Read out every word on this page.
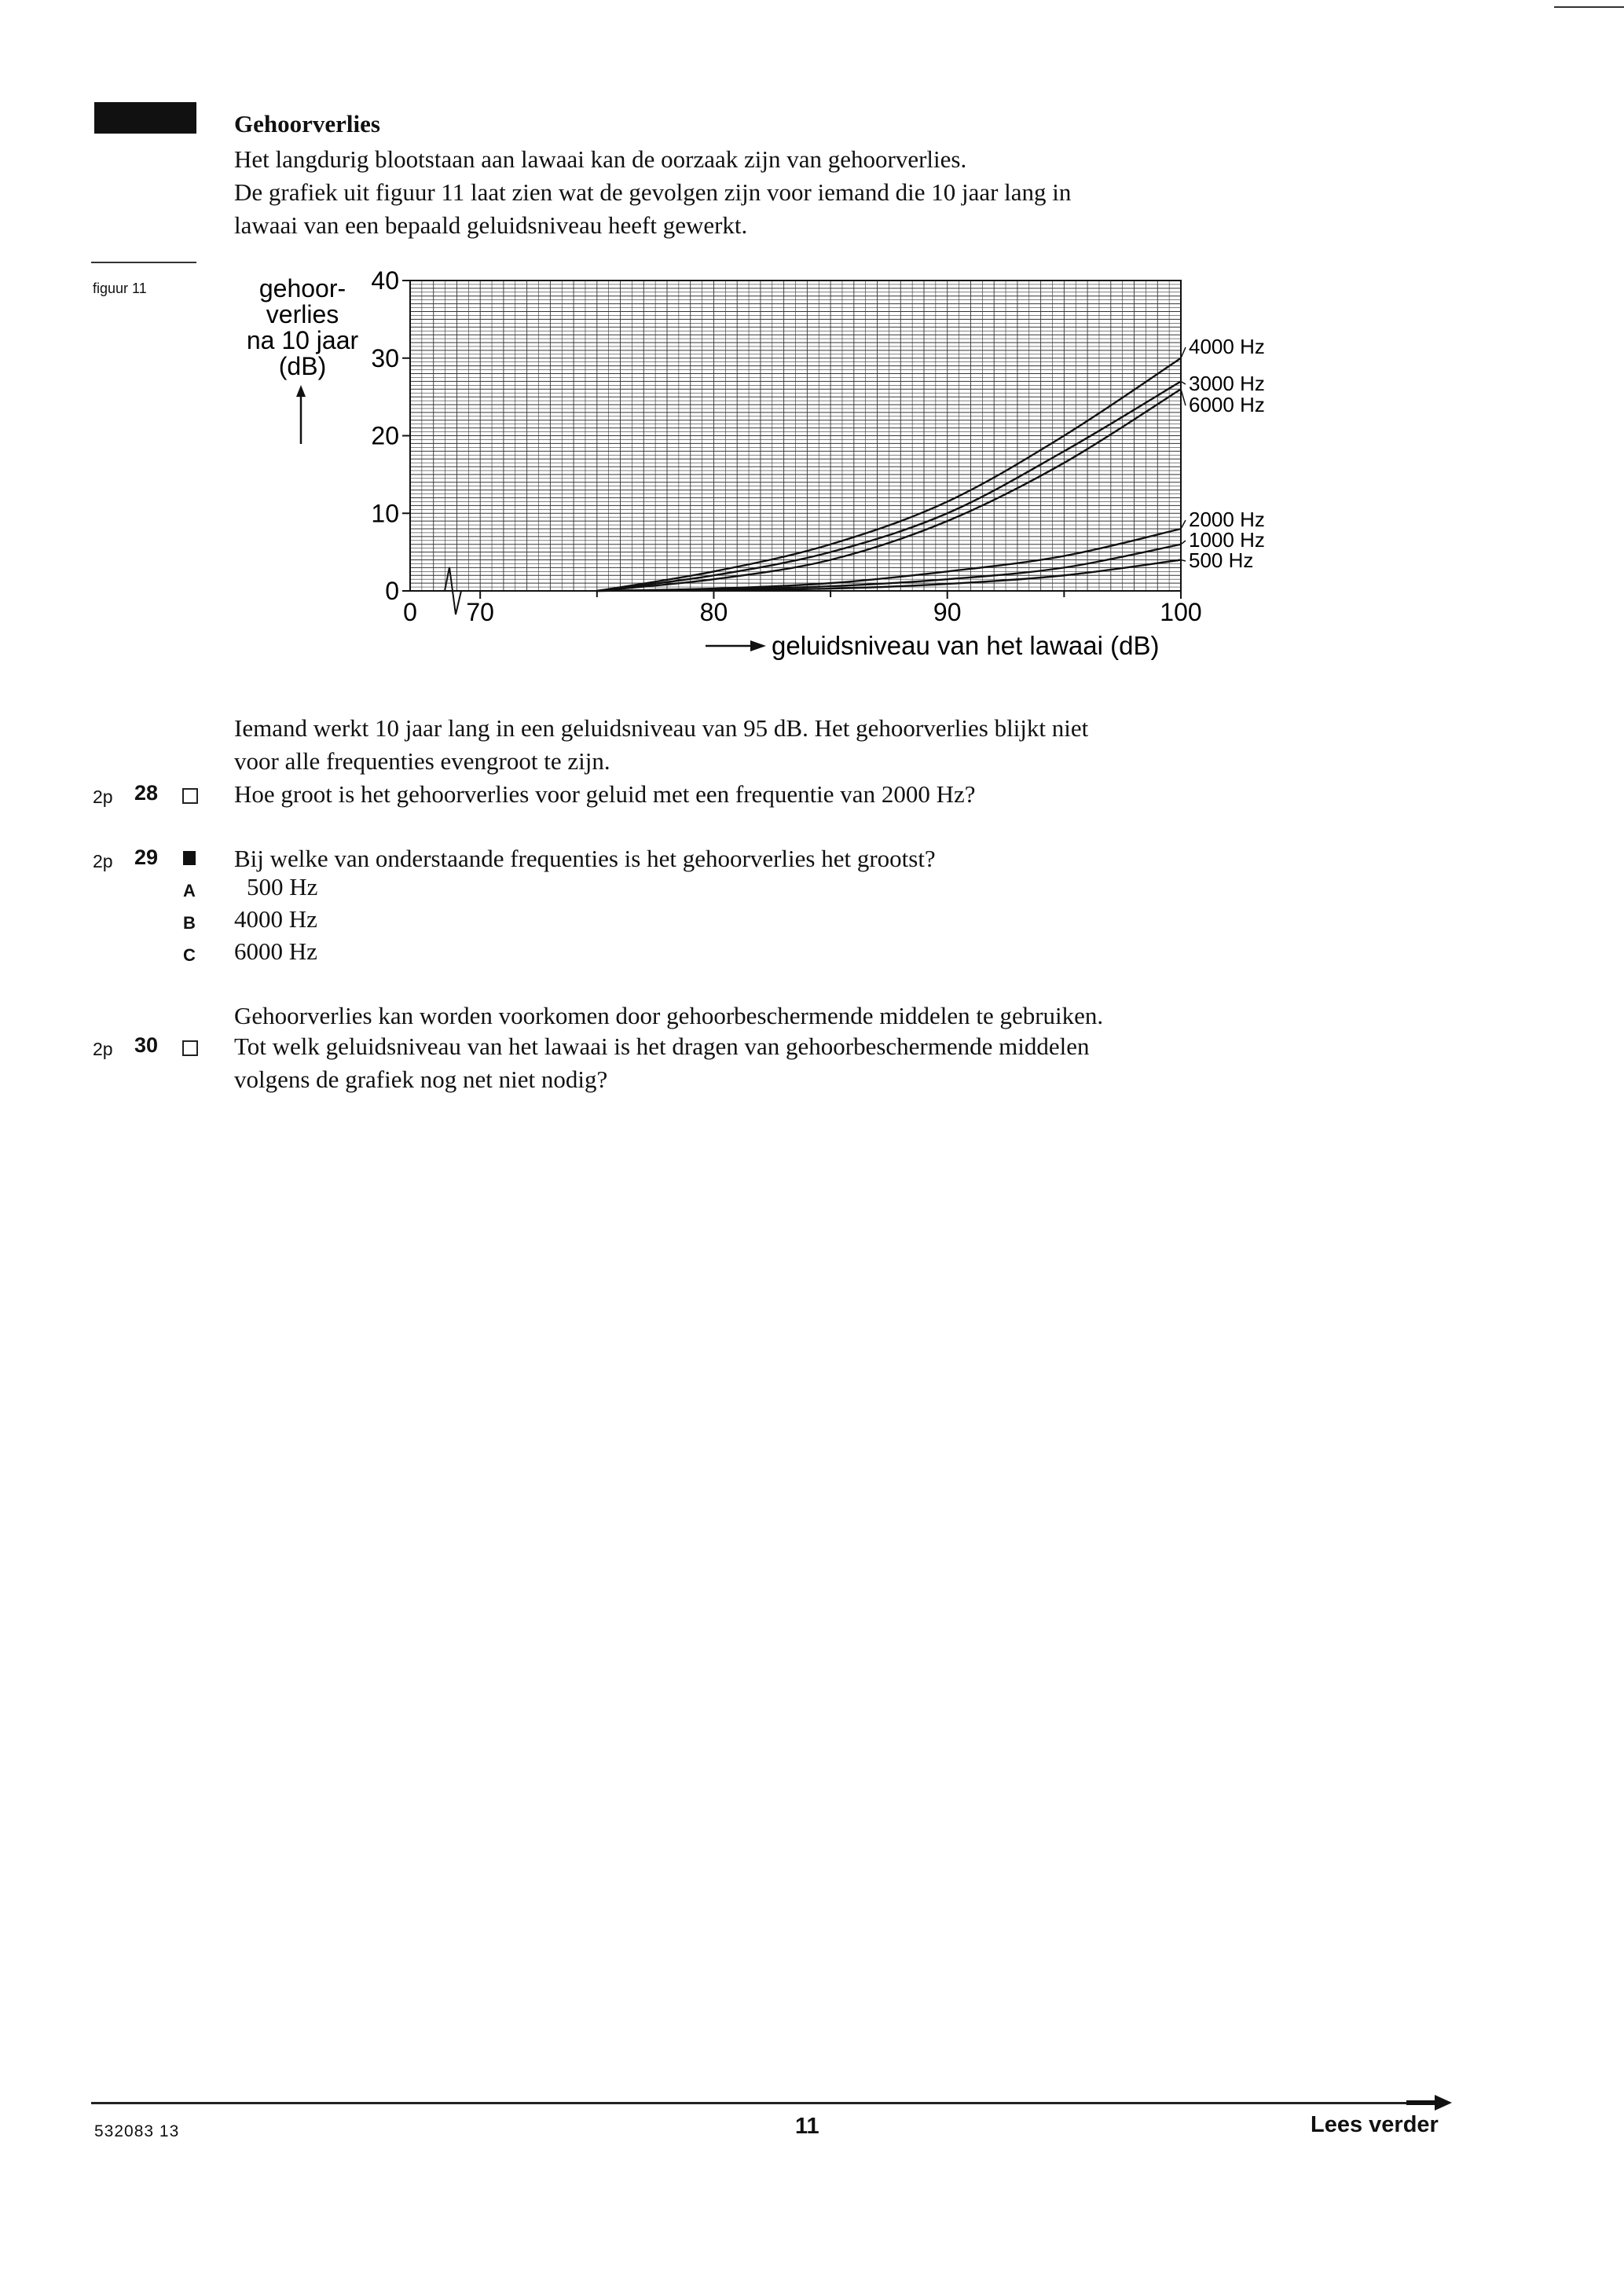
Gehoorverlies
Het langdurig blootstaan aan lawaai kan de oorzaak zijn van gehoorverlies.
De grafiek uit figuur 11 laat zien wat de gevolgen zijn voor iemand die 10 jaar lang in
lawaai van een bepaald geluidsniveau heeft gewerkt.
figuur 11
0
10
20
30
40
0 70	80	90	100
gehoor-
verlies
na 10 jaar
(dB)
geluidsniveau van het lawaai (dB)
4000 Hz
3000 Hz
6000 Hz
2000 Hz
1000 Hz
500 Hz
Iemand werkt 10 jaar lang in een geluidsniveau van 95 dB. Het gehoorverlies blijkt niet
voor alle frequenties evengroot te zijn.
2p 28	Hoe groot is het gehoorverlies voor geluid met een frequentie van 2000 Hz?
2p 29	Bij welke van onderstaande frequenties is het gehoorverlies het grootst?
A 500 Hz
B 4000 Hz
C 6000 Hz
Gehoorverlies kan worden voorkomen door gehoorbeschermende middelen te gebruiken.
2p 30	Tot welk geluidsniveau van het lawaai is het dragen van gehoorbeschermende middelen
volgens de grafiek nog net niet nodig?
532083 13	11	Lees verder
